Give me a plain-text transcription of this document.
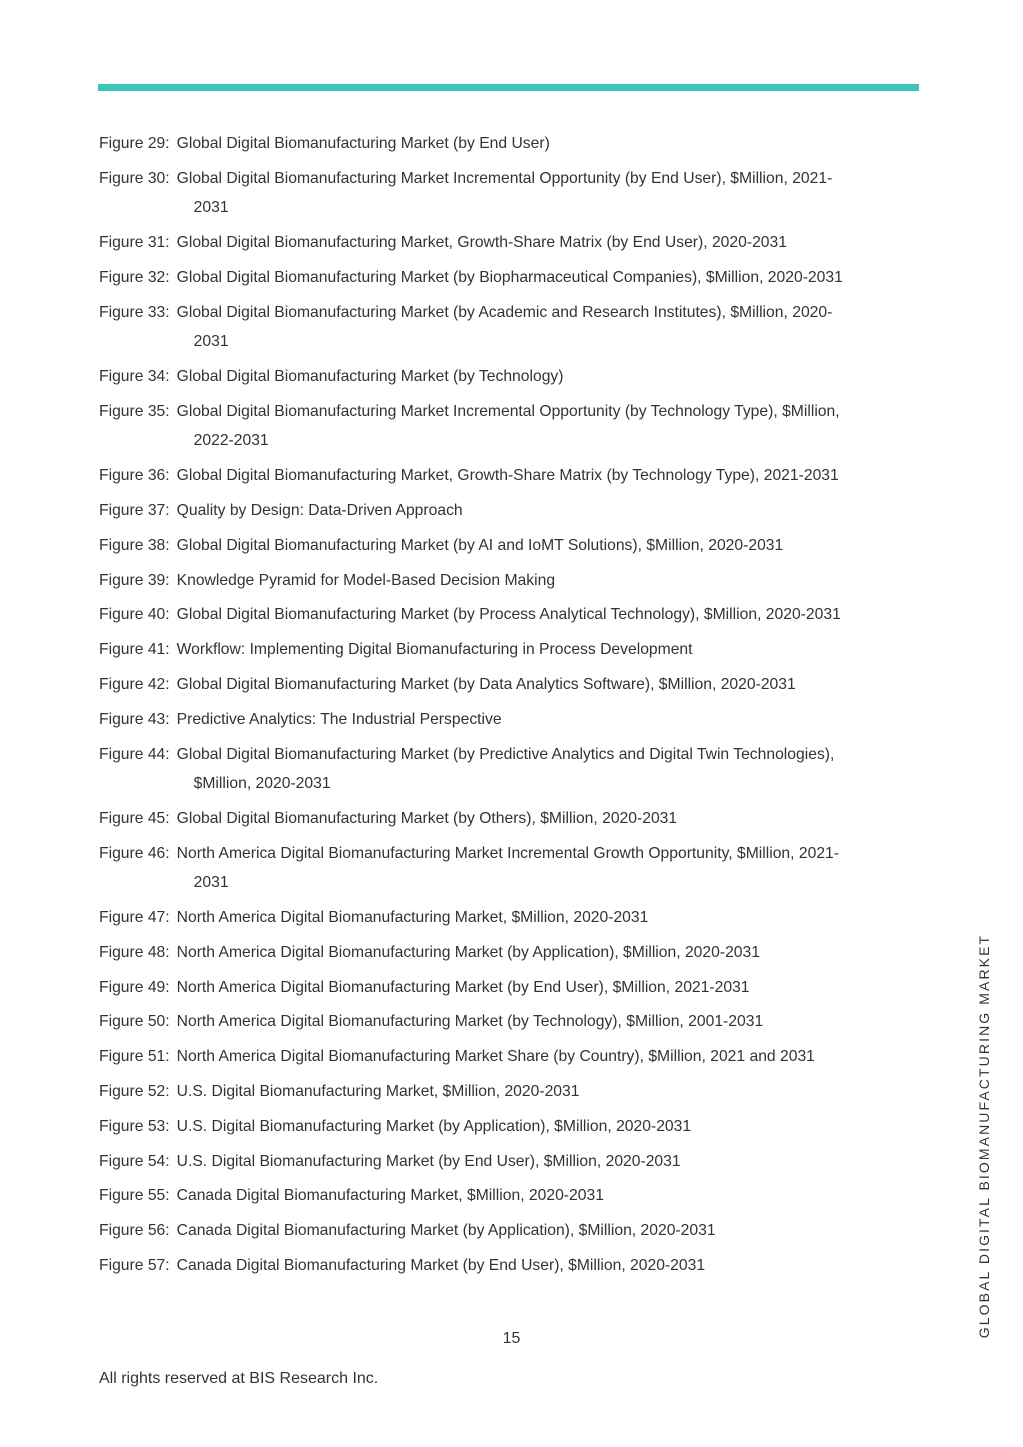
Figure 29: Global Digital Biomanufacturing Market (by End User)
Figure 30: Global Digital Biomanufacturing Market Incremental Opportunity (by End User), $Million, 2021-
2031
Figure 31: Global Digital Biomanufacturing Market, Growth-Share Matrix (by End User), 2020-2031
Figure 32: Global Digital Biomanufacturing Market (by Biopharmaceutical Companies), $Million, 2020-2031
Figure 33: Global Digital Biomanufacturing Market (by Academic and Research Institutes), $Million, 2020-
2031
Figure 34: Global Digital Biomanufacturing Market (by Technology)
Figure 35: Global Digital Biomanufacturing Market Incremental Opportunity (by Technology Type), $Million,
2022-2031
Figure 36: Global Digital Biomanufacturing Market, Growth-Share Matrix (by Technology Type), 2021-2031
Figure 37: Quality by Design: Data-Driven Approach
Figure 38: Global Digital Biomanufacturing Market (by AI and IoMT Solutions), $Million, 2020-2031
Figure 39: Knowledge Pyramid for Model-Based Decision Making
Figure 40: Global Digital Biomanufacturing Market (by Process Analytical Technology), $Million, 2020-2031
Figure 41: Workflow: Implementing Digital Biomanufacturing in Process Development
Figure 42: Global Digital Biomanufacturing Market (by Data Analytics Software), $Million, 2020-2031
Figure 43: Predictive Analytics: The Industrial Perspective
Figure 44: Global Digital Biomanufacturing Market (by Predictive Analytics and Digital Twin Technologies),
$Million, 2020-2031
Figure 45: Global Digital Biomanufacturing Market (by Others), $Million, 2020-2031
Figure 46: North America Digital Biomanufacturing Market Incremental Growth Opportunity, $Million, 2021-
2031
Figure 47: North America Digital Biomanufacturing Market, $Million, 2020-2031
Figure 48: North America Digital Biomanufacturing Market (by Application), $Million, 2020-2031
Figure 49: North America Digital Biomanufacturing Market (by End User), $Million, 2021-2031
Figure 50: North America Digital Biomanufacturing Market (by Technology), $Million, 2001-2031
Figure 51: North America Digital Biomanufacturing Market Share (by Country), $Million, 2021 and 2031
Figure 52: U.S. Digital Biomanufacturing Market, $Million, 2020-2031
Figure 53: U.S. Digital Biomanufacturing Market (by Application), $Million, 2020-2031
Figure 54: U.S. Digital Biomanufacturing Market (by End User), $Million, 2020-2031
Figure 55: Canada Digital Biomanufacturing Market, $Million, 2020-2031
Figure 56: Canada Digital Biomanufacturing Market (by Application), $Million, 2020-2031
Figure 57: Canada Digital Biomanufacturing Market (by End User), $Million, 2020-2031
15
All rights reserved at BIS Research Inc.
GLOBAL DIGITAL BIOMANUFACTURING MARKET
